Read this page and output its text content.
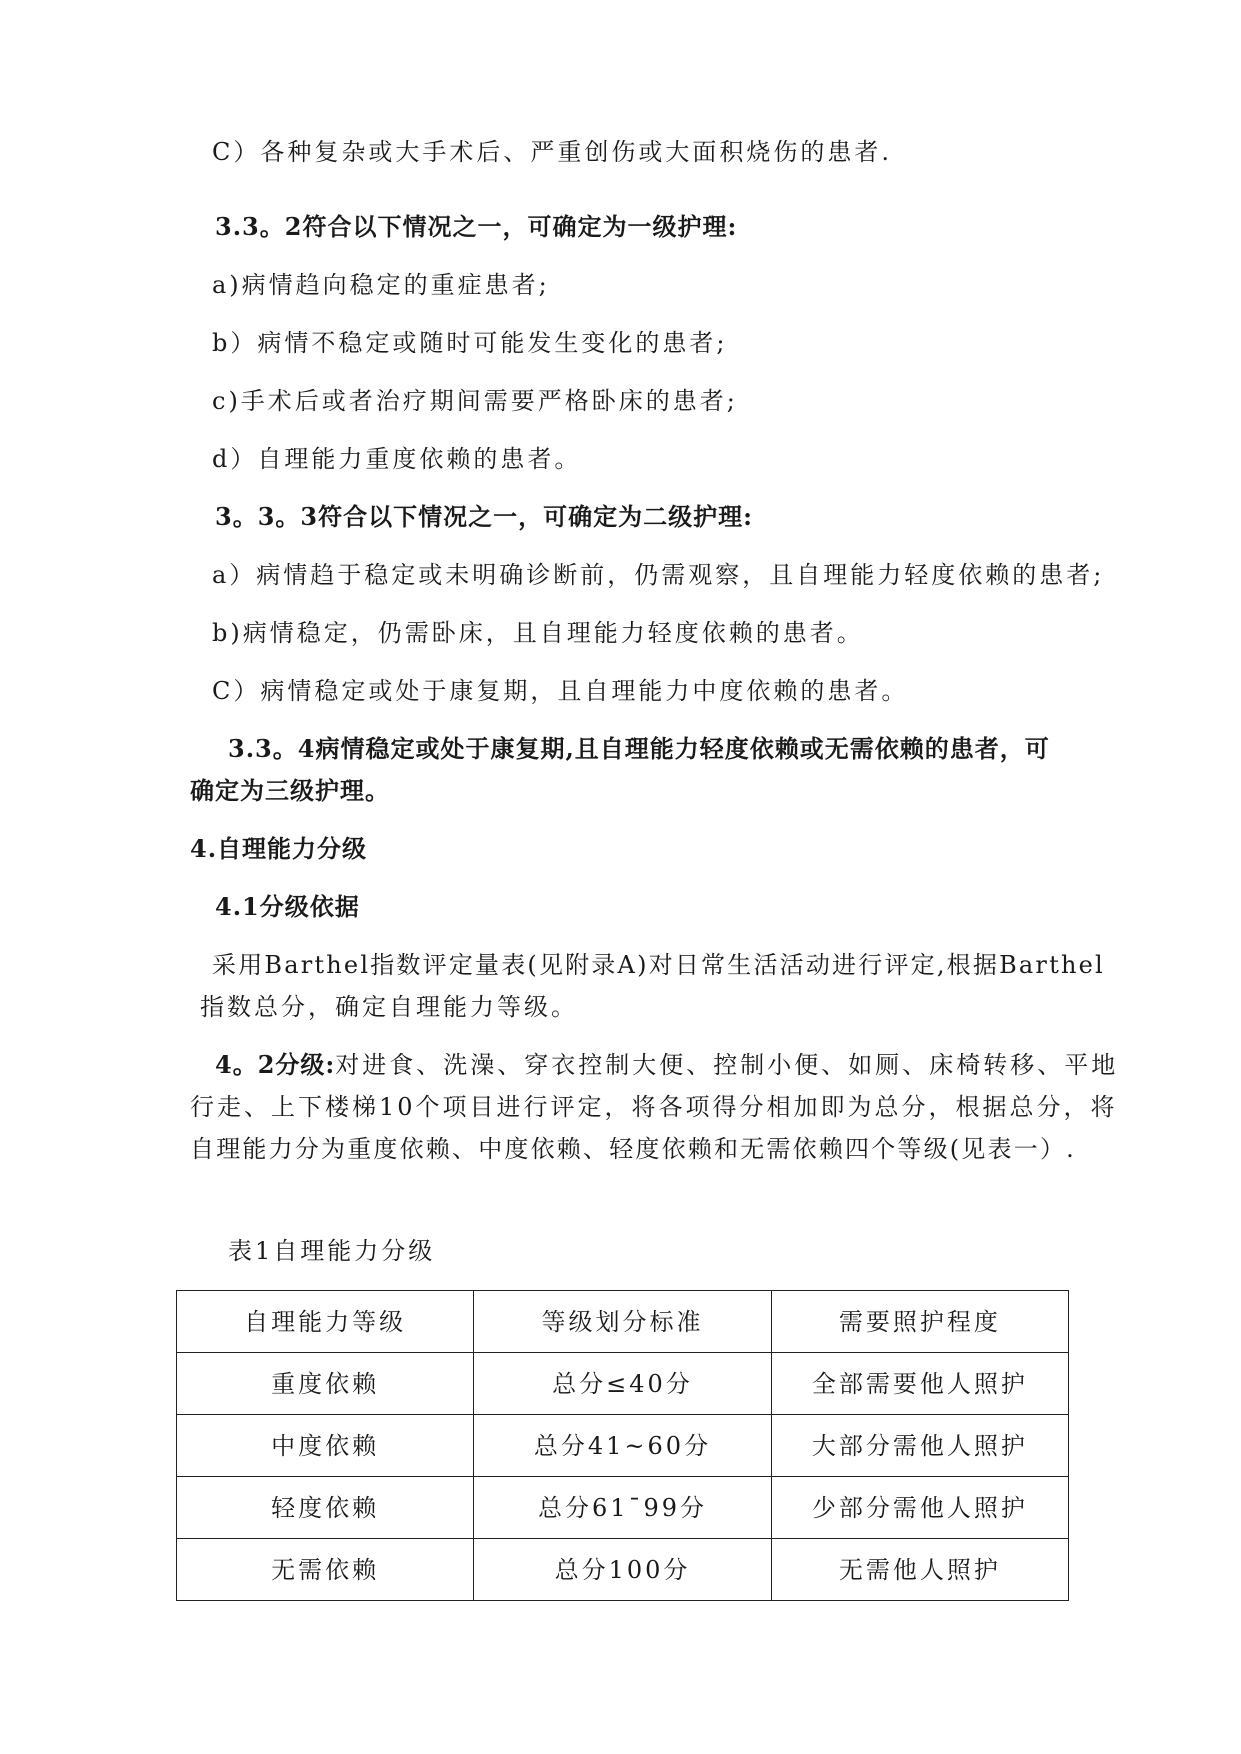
C）各种复杂或大手术后、严重创伤或大面积烧伤的患者.
3.3。2符合以下情况之一，可确定为一级护理:
a)病情趋向稳定的重症患者;
b）病情不稳定或随时可能发生变化的患者;
c)手术后或者治疗期间需要严格卧床的患者;
d）自理能力重度依赖的患者。
3。3。3符合以下情况之一，可确定为二级护理:
a）病情趋于稳定或未明确诊断前，仍需观察，且自理能力轻度依赖的患者;
b)病情稳定，仍需卧床，且自理能力轻度依赖的患者。
C）病情稳定或处于康复期，且自理能力中度依赖的患者。
3.3。4病情稳定或处于康复期,且自理能力轻度依赖或无需依赖的患者，可
确定为三级护理。
4.自理能力分级
4.1分级依据
采用Barthel指数评定量表(见附录A)对日常生活活动进行评定,根据Barthel
指数总分，确定自理能力等级。
4。2分级:对进食、洗澡、穿衣控制大便、控制小便、如厕、床椅转移、平地
行走、上下楼梯10个项目进行评定，将各项得分相加即为总分，根据总分，将
自理能力分为重度依赖、中度依赖、轻度依赖和无需依赖四个等级(见表一）.
表1自理能力分级
自理能力等级	等级划分标准	需要照护程度
重度依赖	总分≤40分	全部需要他人照护
中度依赖	总分41~60分	大部分需他人照护
轻度依赖	总分61¯99分	少部分需他人照护
无需依赖	总分100分	无需他人照护
